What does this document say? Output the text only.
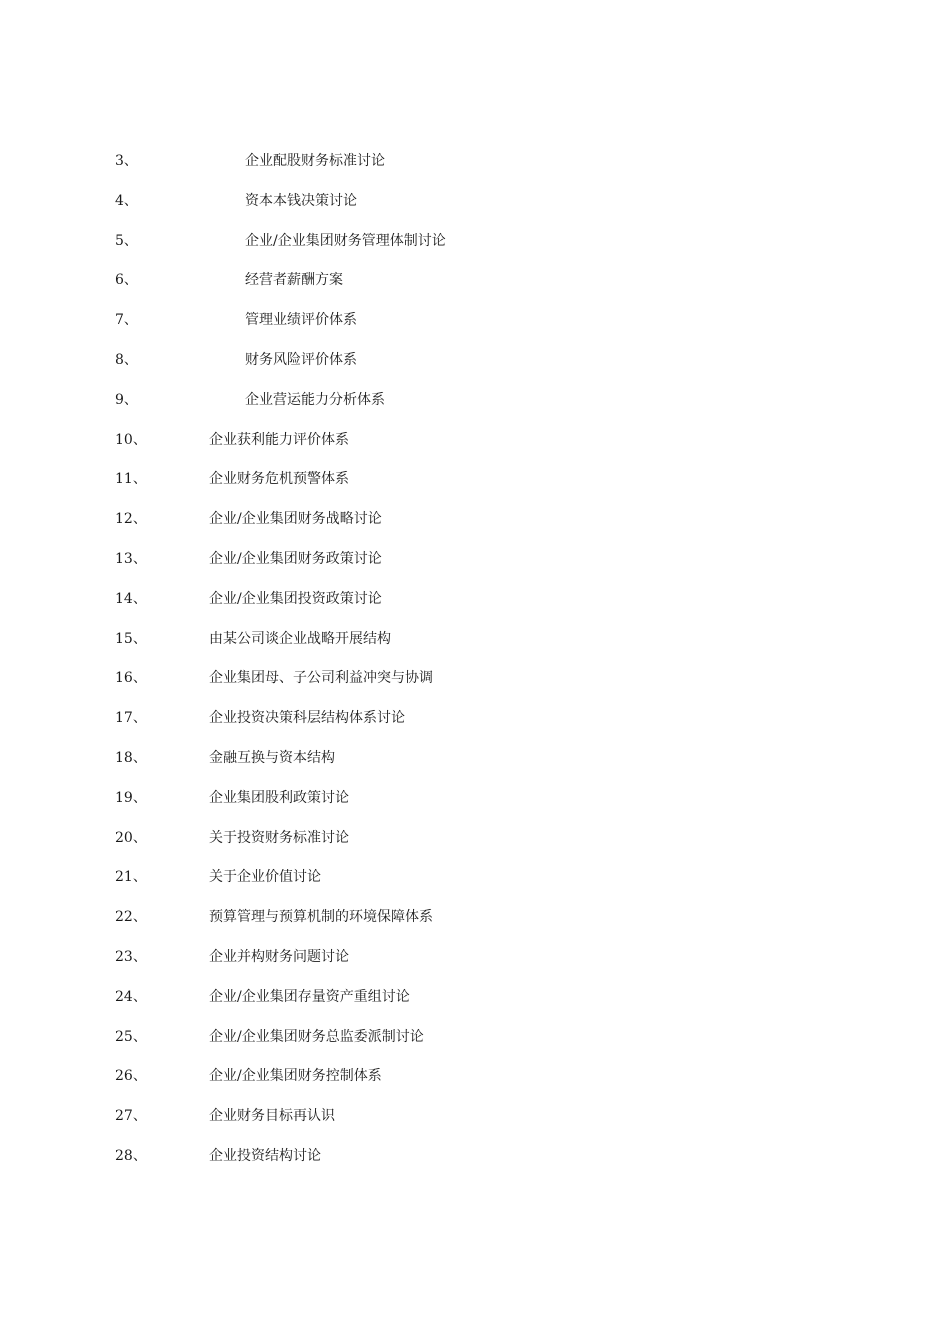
3、	企业配股财务标准讨论
4、	资本本钱决策讨论
5、	企业/企业集团财务管理体制讨论
6、	经营者薪酬方案
7、	管理业绩评价体系
8、	财务风险评价体系
9、	企业营运能力分析体系
10、	企业获利能力评价体系
11、	企业财务危机预警体系
12、	企业/企业集团财务战略讨论
13、	企业/企业集团财务政策讨论
14、	企业/企业集团投资政策讨论
15、	由某公司谈企业战略开展结构
16、	企业集团母、子公司利益冲突与协调
17、	企业投资决策科层结构体系讨论
18、	金融互换与资本结构
19、	企业集团股利政策讨论
20、	关于投资财务标准讨论
21、	关于企业价值讨论
22、	预算管理与预算机制的环境保障体系
23、	企业并构财务问题讨论
24、	企业/企业集团存量资产重组讨论
25、	企业/企业集团财务总监委派制讨论
26、	企业/企业集团财务控制体系
27、	企业财务目标再认识
28、	企业投资结构讨论
